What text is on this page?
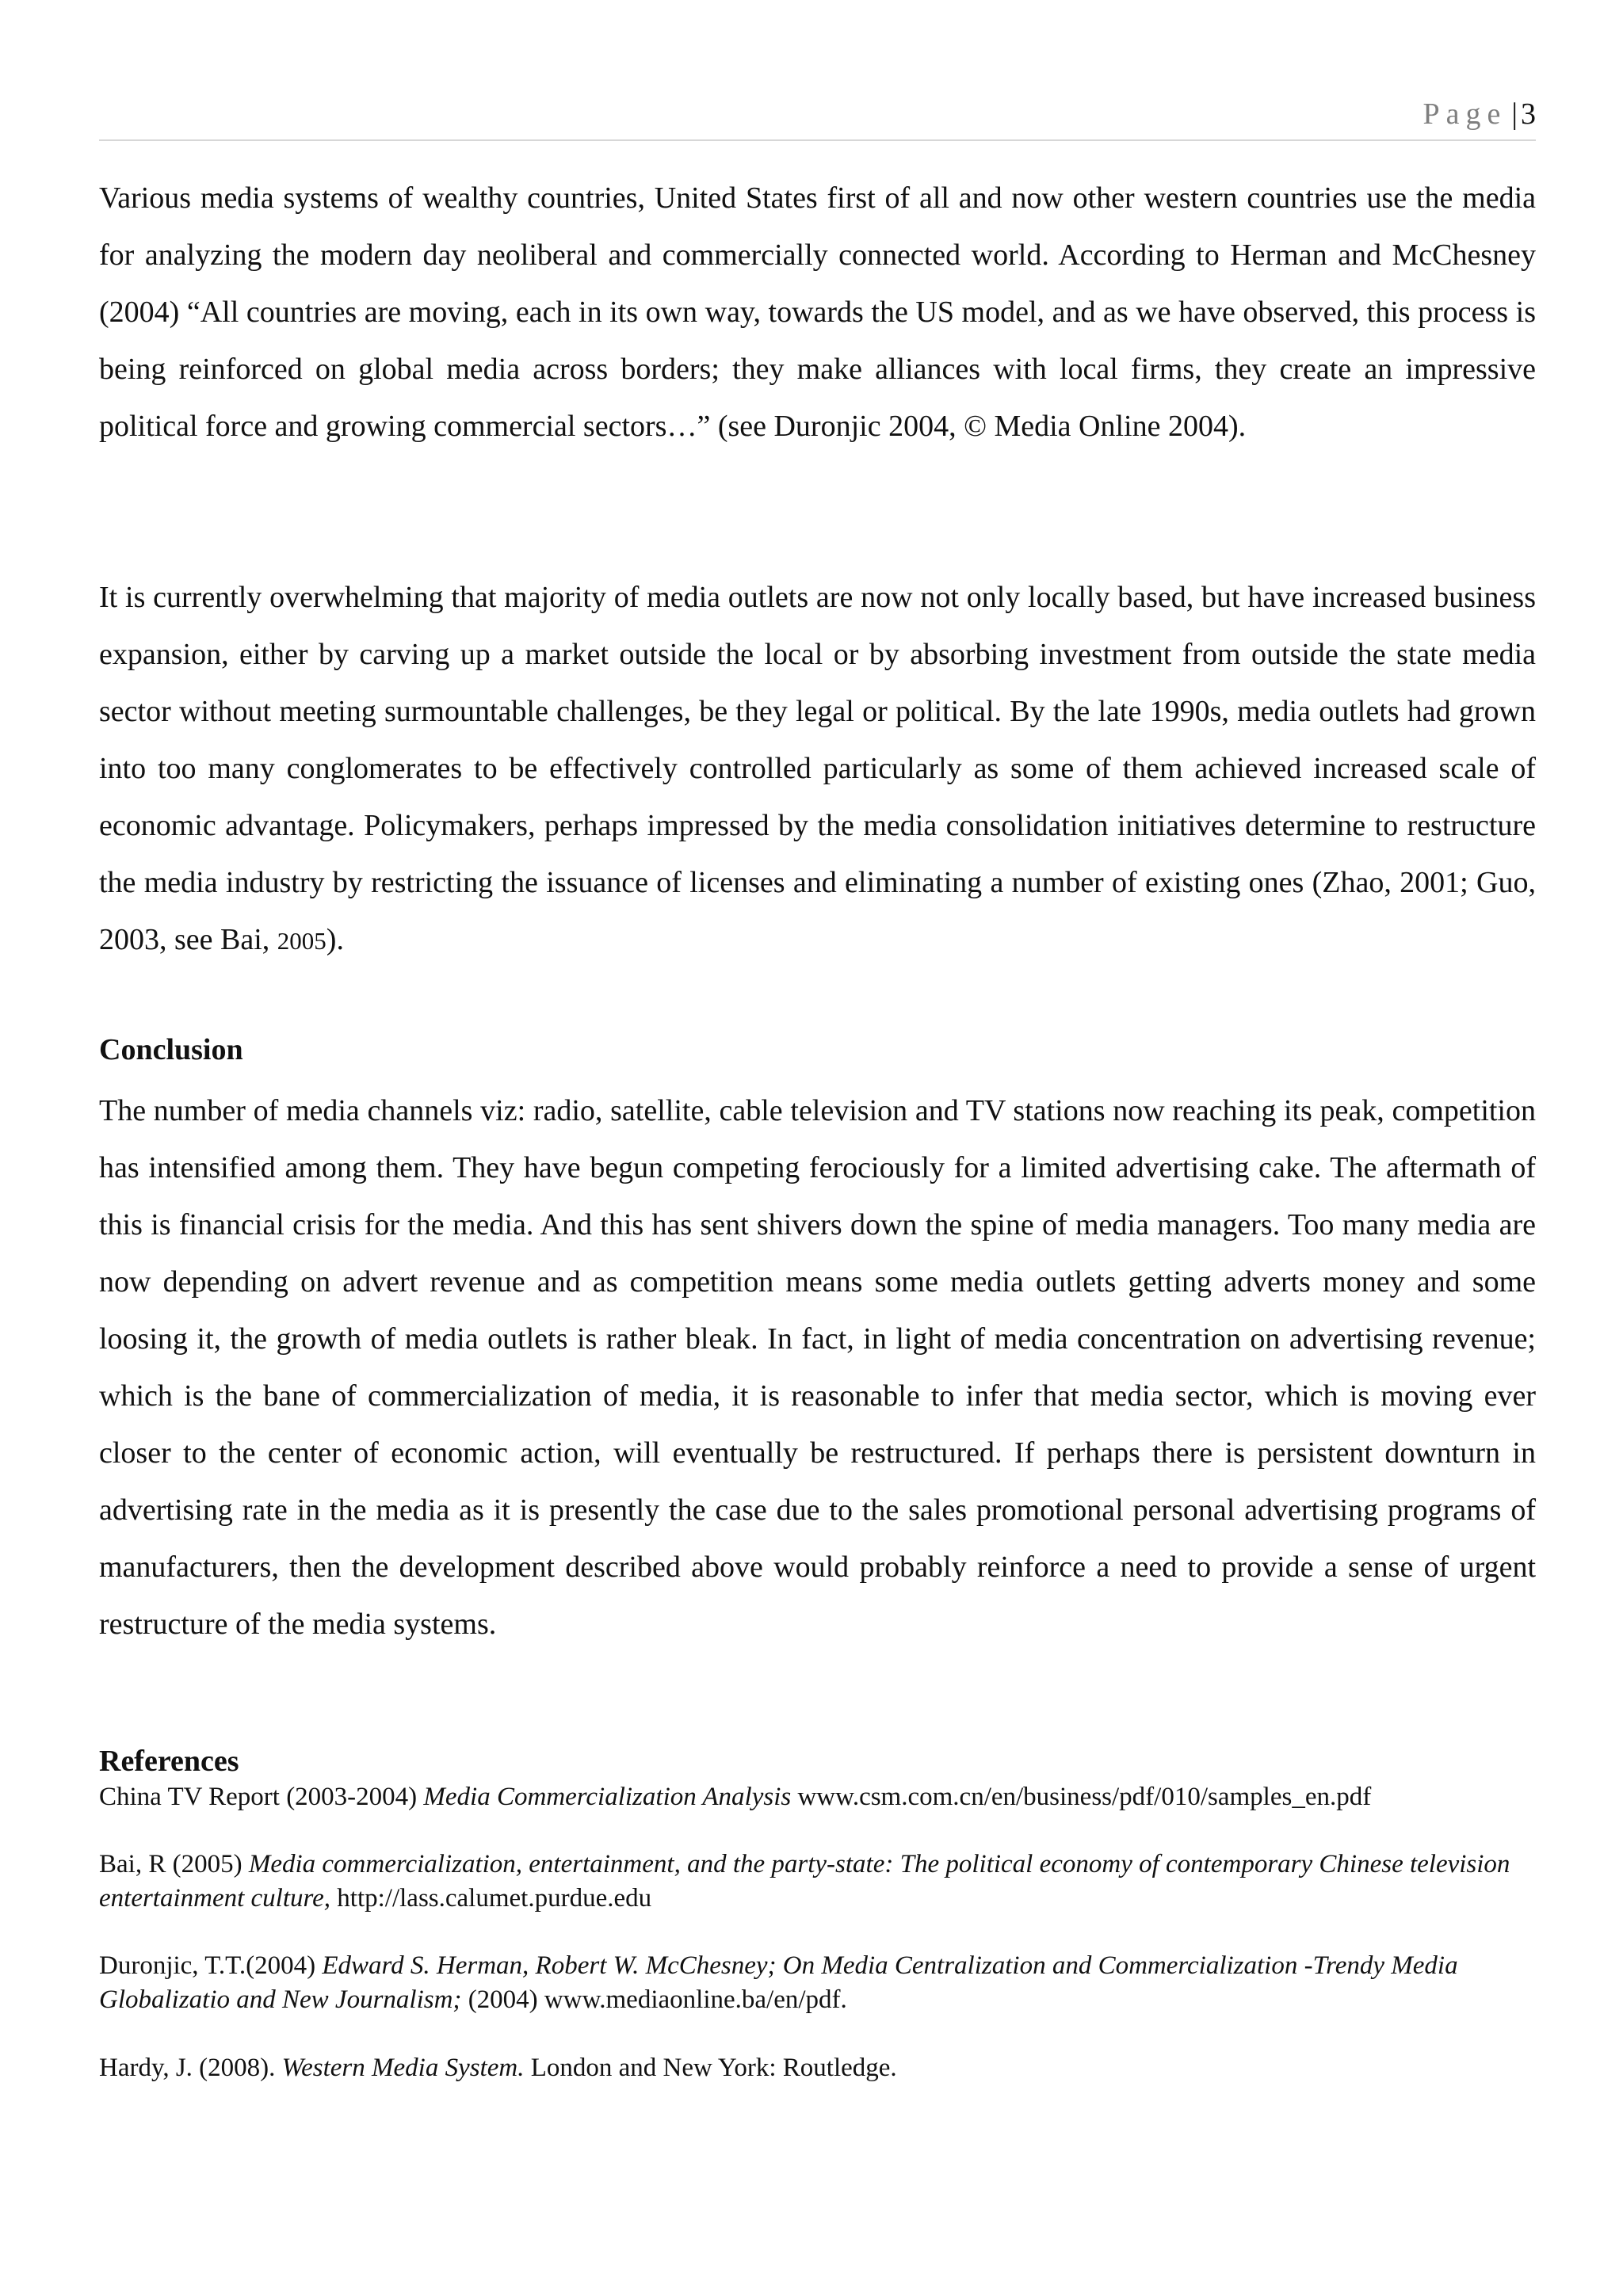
Page | 3

Various media systems of wealthy countries, United States first of all and now other western countries use the media for analyzing the modern day neoliberal and commercially connected world. According to Herman and McChesney (2004) “All countries are moving, each in its own way, towards the US model, and as we have observed, this process is being reinforced on global media across borders; they make alliances with local firms, they create an impressive political force and growing commercial sectors…” (see Duronjic 2004, © Media Online 2004).

It is currently overwhelming that majority of media outlets are now not only locally based, but have increased business expansion, either by carving up a market outside the local or by absorbing investment from outside the state media sector without meeting surmountable challenges, be they legal or political. By the late 1990s, media outlets had grown into too many conglomerates to be effectively controlled particularly as some of them achieved increased scale of economic advantage. Policymakers, perhaps impressed by the media consolidation initiatives determine to restructure the media industry by restricting the issuance of licenses and eliminating a number of existing ones (Zhao, 2001; Guo, 2003, see Bai, 2005).

Conclusion

The number of media channels viz: radio, satellite, cable television and TV stations now reaching its peak, competition has intensified among them. They have begun competing ferociously for a limited advertising cake. The aftermath of this is financial crisis for the media. And this has sent shivers down the spine of media managers. Too many media are now depending on advert revenue and as competition means some media outlets getting adverts money and some loosing it, the growth of media outlets is rather bleak. In fact, in light of media concentration on advertising revenue; which is the bane of commercialization of media, it is reasonable to infer that media sector, which is moving ever closer to the center of economic action, will eventually be restructured. If perhaps there is persistent downturn in advertising rate in the media as it is presently the case due to the sales promotional personal advertising programs of manufacturers, then the development described above would probably reinforce a need to provide a sense of urgent restructure of the media systems.

References

China TV Report (2003-2004) Media Commercialization Analysis www.csm.com.cn/en/business/pdf/010/samples_en.pdf

Bai, R (2005) Media commercialization, entertainment, and the party-state: The political economy of contemporary Chinese television entertainment culture, http://lass.calumet.purdue.edu

Duronjic, T.T.(2004) Edward S. Herman, Robert W. McChesney; On Media Centralization and Commercialization -Trendy Media Globalizatio and New Journalism; (2004) www.mediaonline.ba/en/pdf.

Hardy, J. (2008). Western Media System. London and New York: Routledge.
